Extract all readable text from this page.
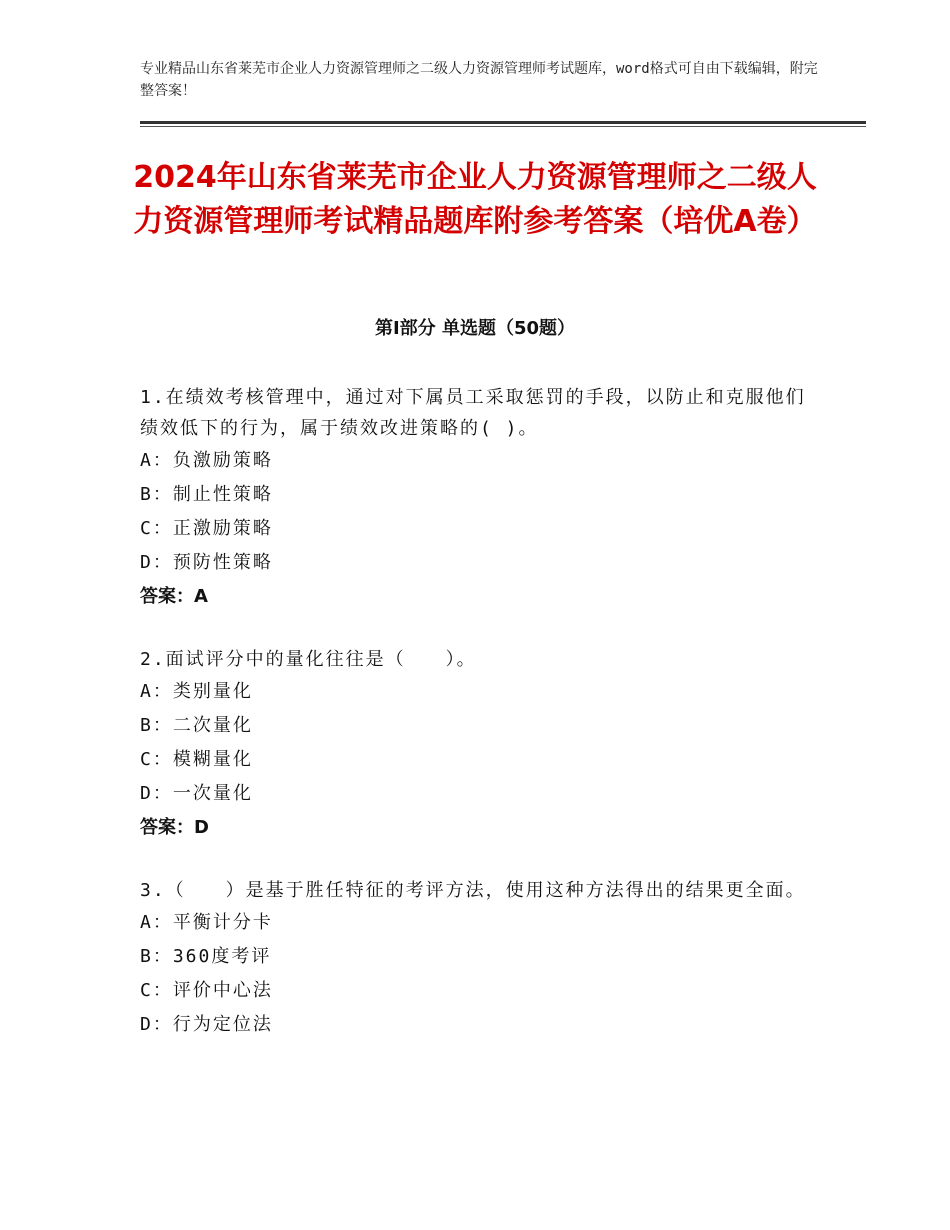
专业精品山东省莱芜市企业人力资源管理师之二级人力资源管理师考试题库，word格式可自由下载编辑，附完整答案！
2024年山东省莱芜市企业人力资源管理师之二级人力资源管理师考试精品题库附参考答案（培优A卷）
第Ⅰ部分 单选题（50题）

1.在绩效考核管理中，通过对下属员工采取惩罚的手段，以防止和克服他们绩效低下的行为，属于绩效改进策略的( )。

A：负激励策略

B：制止性策略

C：正激励策略

D：预防性策略

答案：A

2.面试评分中的量化往往是（　　）。

A：类别量化

B：二次量化

C：模糊量化

D：一次量化

答案：D

3.（　　）是基于胜任特征的考评方法，使用这种方法得出的结果更全面。

A：平衡计分卡

B：360度考评

C：评价中心法

D：行为定位法
